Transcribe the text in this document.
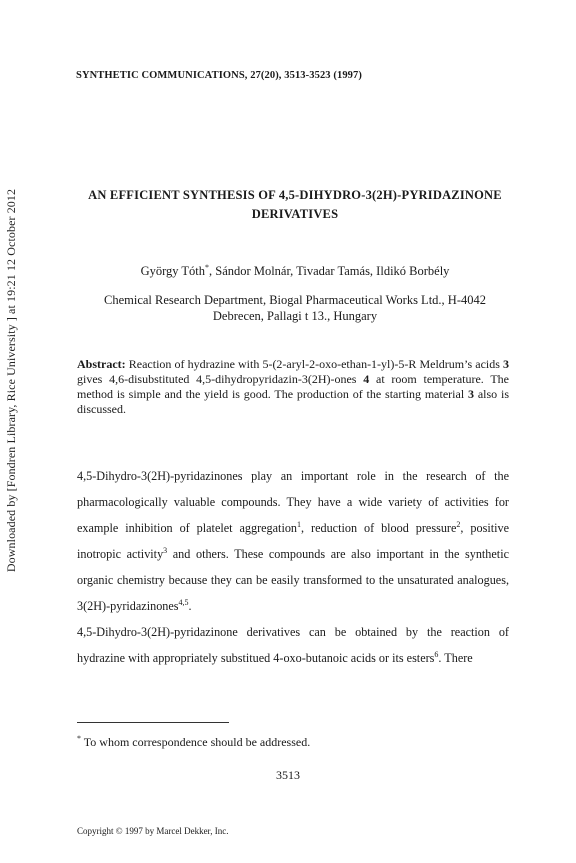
Downloaded by [Fondren Library, Rice University ] at 19:21 12 October 2012
SYNTHETIC COMMUNICATIONS, 27(20), 3513-3523 (1997)
AN EFFICIENT SYNTHESIS OF 4,5-DIHYDRO-3(2H)-PYRIDAZINONE
DERIVATIVES
György Tóth*, Sándor Molnár, Tivadar Tamás, Ildikó Borbély
Chemical Research Department, Biogal Pharmaceutical Works Ltd., H-4042
Debrecen, Pallagi t 13., Hungary
Abstract: Reaction of hydrazine with 5-(2-aryl-2-oxo-ethan-1-yl)-5-R Meldrum’s acids 3 gives 4,6-disubstituted 4,5-dihydropyridazin-3(2H)-ones 4 at room temperature. The method is simple and the yield is good. The production of the starting material 3 also is discussed.

4,5-Dihydro-3(2H)-pyridazinones play an important role in the research of the pharmacologically valuable compounds. They have a wide variety of activities for example inhibition of platelet aggregation$^1$, reduction of blood pressure$^2$, positive inotropic activity$^3$ and others. These compounds are also important in the synthetic organic chemistry because they can be easily transformed to the unsaturated analogues, 3(2H)-pyridazinones$^{4,5}$.

4,5-Dihydro-3(2H)-pyridazinone derivatives can be obtained by the reaction of hydrazine with appropriately substitued 4-oxo-butanoic acids or its esters$^6$. There

* To whom correspondence should be addressed.
3513
Copyright © 1997 by Marcel Dekker, Inc.
